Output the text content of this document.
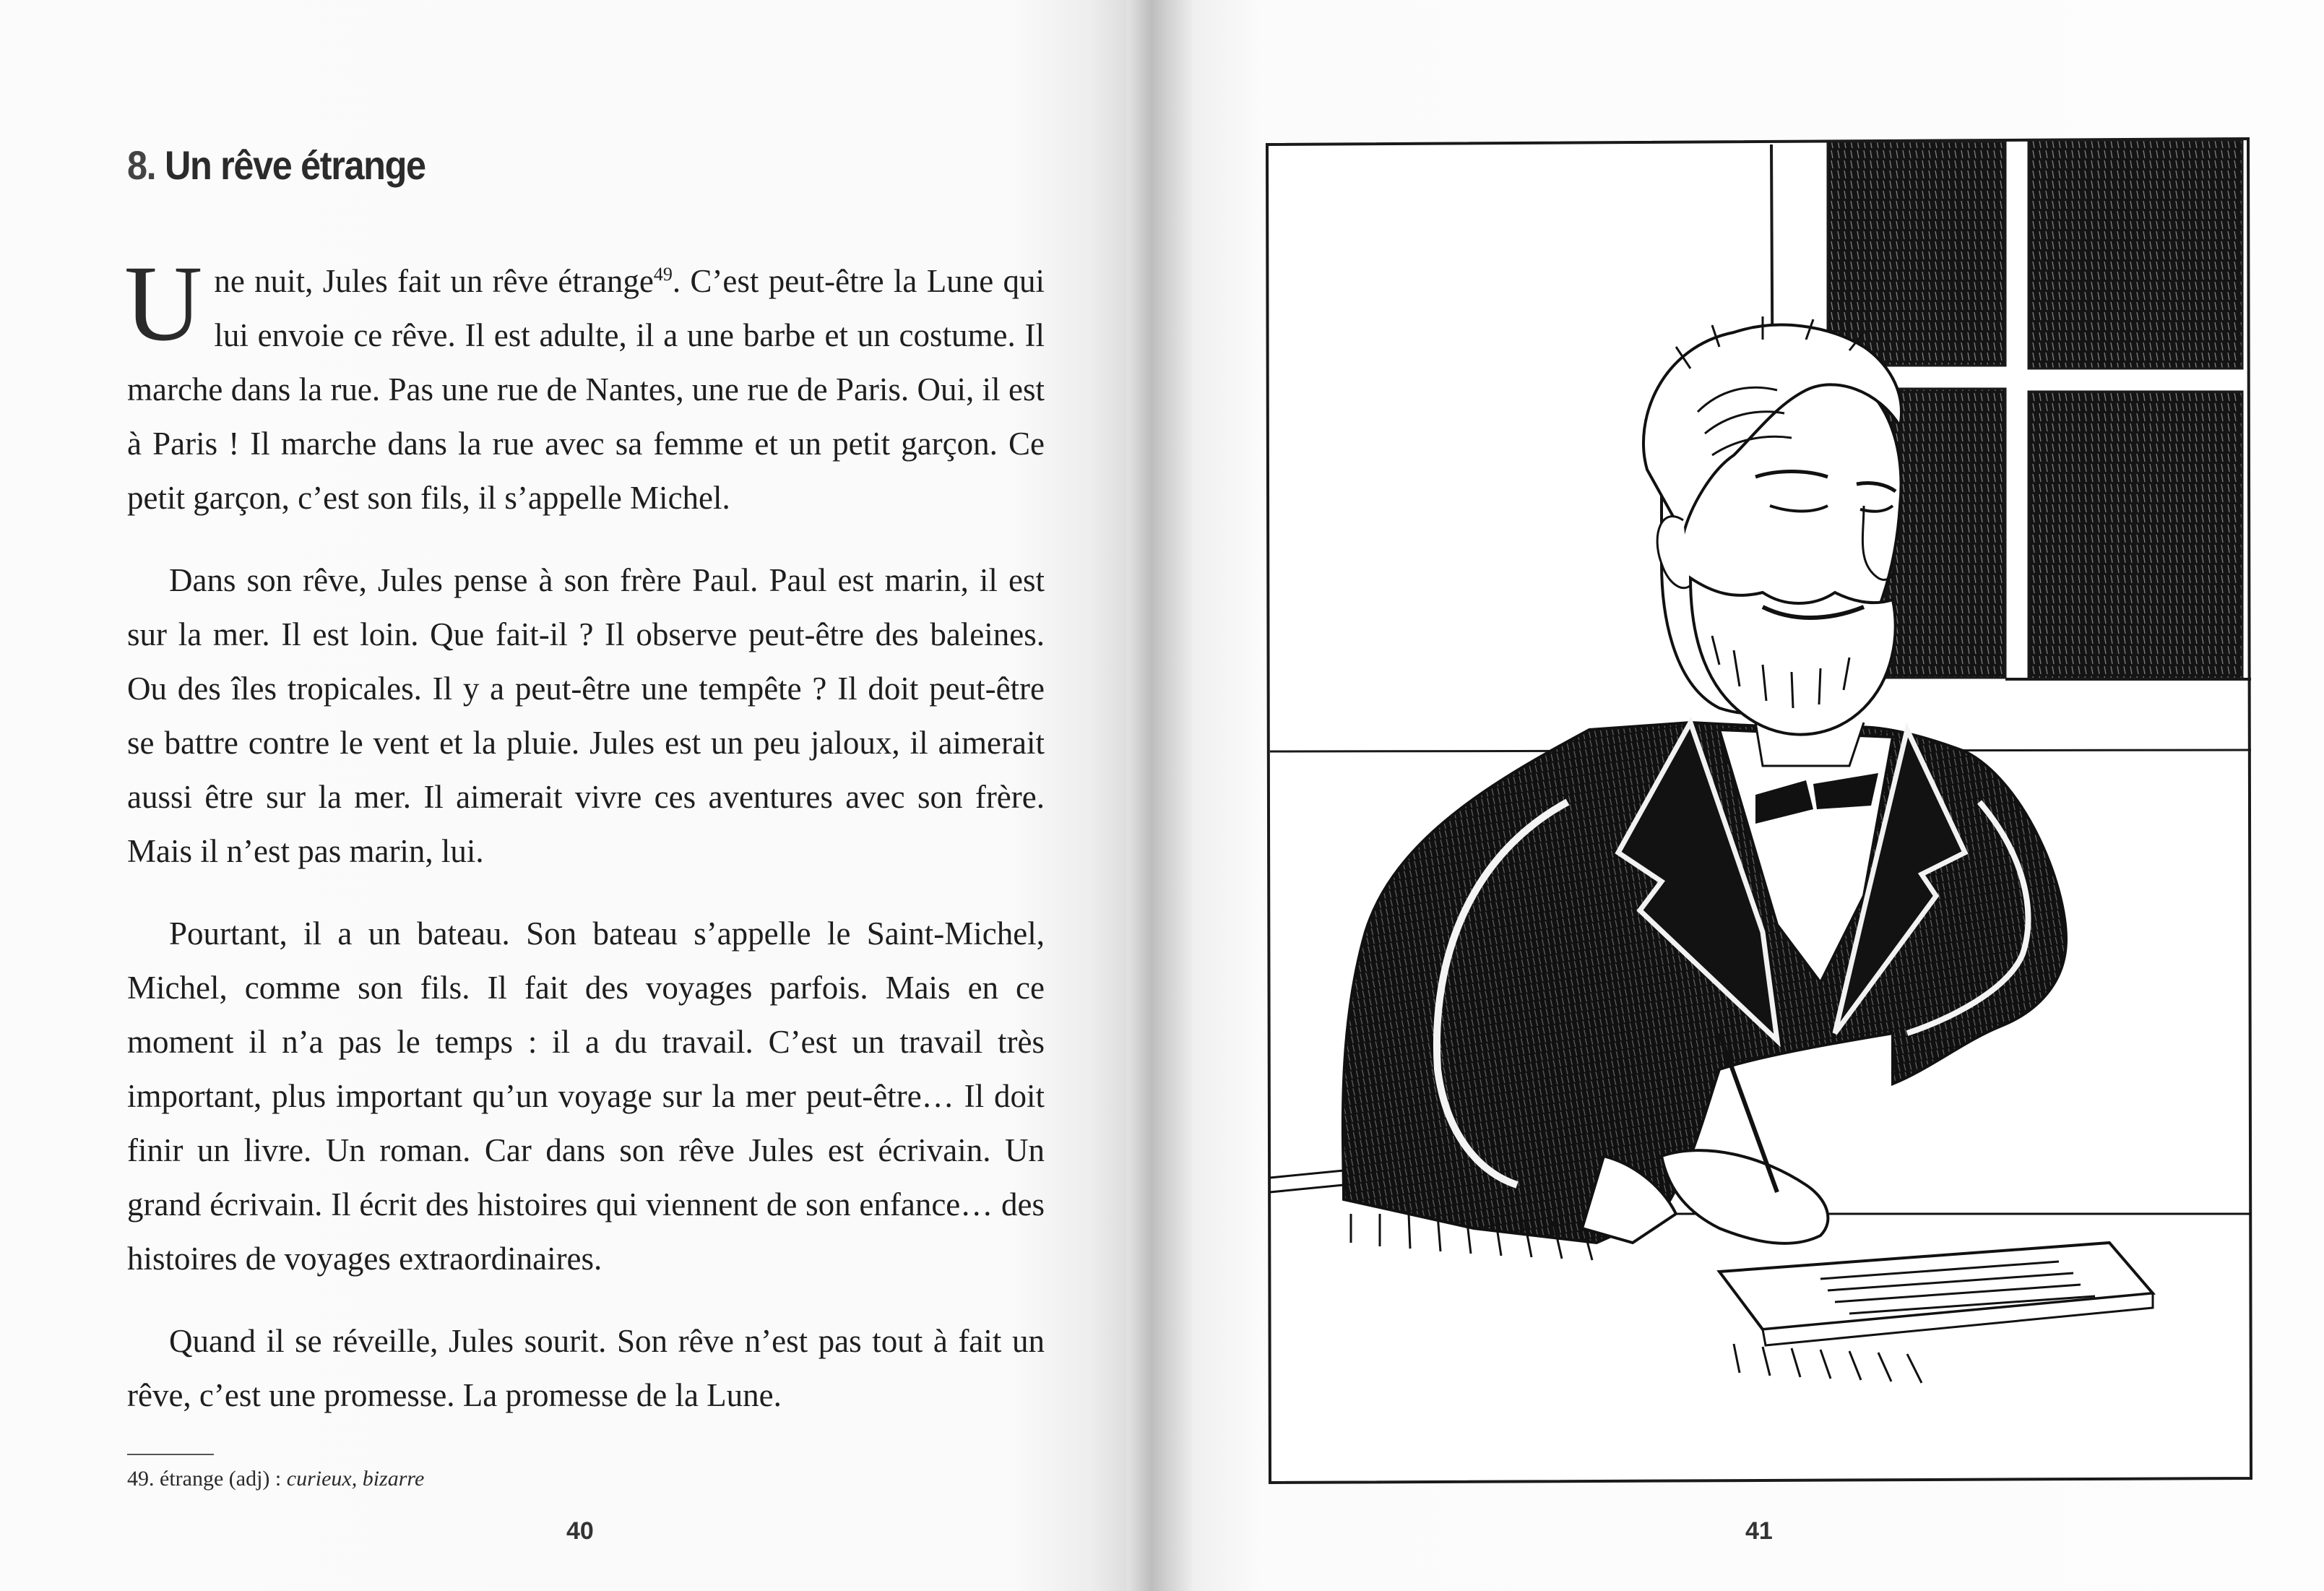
8. Un rêve étrange

Une nuit, Jules fait un rêve étrange$^{49}$. C’est peut-être la Lune qui lui envoie ce rêve. Il est adulte, il a une barbe et un costume. Il marche dans la rue. Pas une rue de Nantes, une rue de Paris. Oui, il est à Paris ! Il marche dans la rue avec sa femme et un petit garçon. Ce petit garçon, c’est son fils, il s’appelle Michel.

Dans son rêve, Jules pense à son frère Paul. Paul est marin, il est sur la mer. Il est loin. Que fait-il ? Il observe peut-être des baleines. Ou des îles tropicales. Il y a peut-être une tempête ? Il doit peut-être se battre contre le vent et la pluie. Jules est un peu jaloux, il aimerait aussi être sur la mer. Il aimerait vivre ces aventures avec son frère. Mais il n’est pas marin, lui.

Pourtant, il a un bateau. Son bateau s’appelle le Saint-Michel, Michel, comme son fils. Il fait des voyages parfois. Mais en ce moment il n’a pas le temps : il a du travail. C’est un travail très important, plus important qu’un voyage sur la mer peut-être… Il doit finir un livre. Un roman. Car dans son rêve Jules est écrivain. Un grand écrivain. Il écrit des histoires qui viennent de son enfance… des histoires de voyages extraordinaires.

Quand il se réveille, Jules sourit. Son rêve n’est pas tout à fait un rêve, c’est une promesse. La promesse de la Lune.

49. étrange (adj) : curieux, bizarre
40	41
